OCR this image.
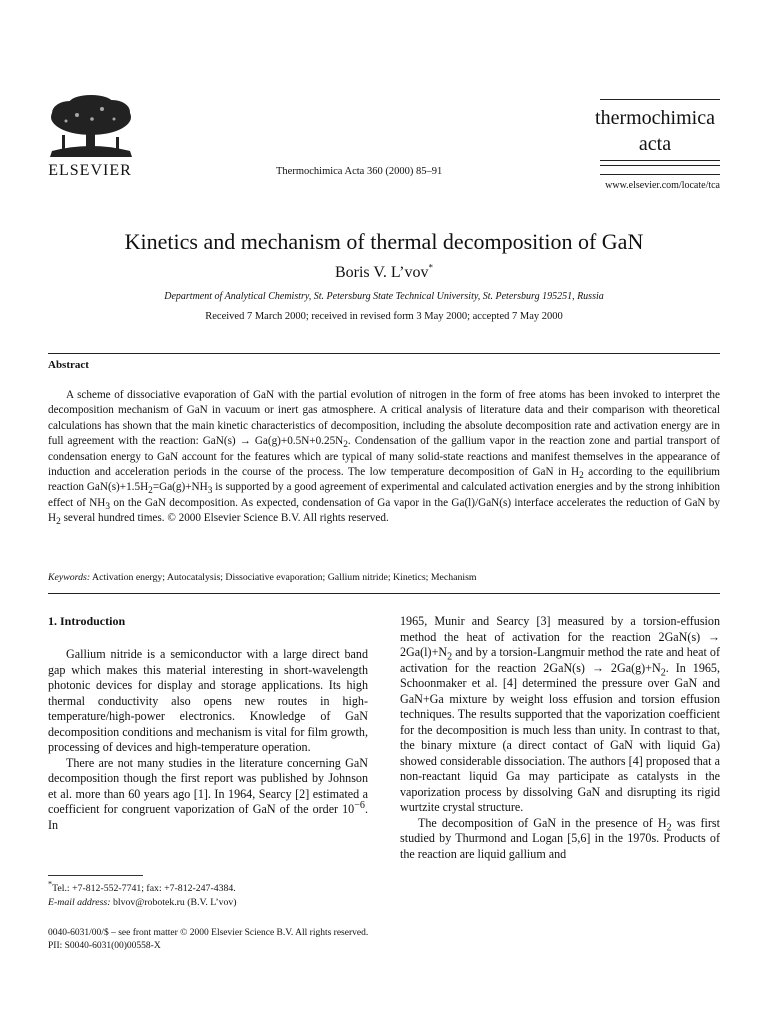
ELSEVIER	Thermochimica Acta 360 (2000) 85–91
thermochimica
acta
www.elsevier.com/locate/tca
Kinetics and mechanism of thermal decomposition of GaN
Boris V. L’vov*
Department of Analytical Chemistry, St. Petersburg State Technical University, St. Petersburg 195251, Russia
Received 7 March 2000; received in revised form 3 May 2000; accepted 7 May 2000
Abstract
A scheme of dissociative evaporation of GaN with the partial evolution of nitrogen in the form of free atoms has been invoked to interpret the decomposition mechanism of GaN in vacuum or inert gas atmosphere. A critical analysis of literature data and their comparison with theoretical calculations has shown that the main kinetic characteristics of decomposition, including the absolute decomposition rate and activation energy are in full agreement with the reaction: $GaN(s) \to Ga(g)+0.5N+0.25N_2$. Condensation of the gallium vapor in the reaction zone and partial transport of condensation energy to GaN account for the features which are typical of many solid-state reactions and manifest themselves in the appearance of induction and acceleration periods in the course of the process. The low temperature decomposition of GaN in $H_2$ according to the equilibrium reaction $GaN(s)+1.5H_2=Ga(g)+NH_3$ is supported by a good agreement of experimental and calculated activation energies and by the strong inhibition effect of $NH_3$ on the GaN decomposition. As expected, condensation of Ga vapor in the Ga(l)/GaN(s) interface accelerates the reduction of GaN by $H_2$ several hundred times. © 2000 Elsevier Science B.V. All rights reserved.
Keywords: Activation energy; Autocatalysis; Dissociative evaporation; Gallium nitride; Kinetics; Mechanism
1. Introduction

Gallium nitride is a semiconductor with a large direct band gap which makes this material interesting in short-wavelength photonic devices for display and storage applications. Its high thermal conductivity also opens new routes in high-temperature/high-power electronics. Knowledge of GaN decomposition conditions and mechanism is vital for film growth, processing of devices and high-temperature operation.

There are not many studies in the literature concerning GaN decomposition though the first report was published by Johnson et al. more than 60 years ago [1]. In 1964, Searcy [2] estimated a coefficient for congruent vaporization of GaN of the order $10^{-6}$. In

1965, Munir and Searcy [3] measured by a torsion-effusion method the heat of activation for the reaction $2GaN(s) \to 2Ga(l)+N_2$ and by a torsion-Langmuir method the rate and heat of activation for the reaction $2GaN(s) \to 2Ga(g)+N_2$. In 1965, Schoonmaker et al. [4] determined the pressure over GaN and GaN+Ga mixture by weight loss effusion and torsion effusion techniques. The results supported that the vaporization coefficient for the decomposition is much less than unity. In contrast to that, the binary mixture (a direct contact of GaN with liquid Ga) showed considerable dissociation. The authors [4] proposed that a non-reactant liquid Ga may participate as catalysts in the vaporization process by dissolving GaN and disrupting its rigid wurtzite crystal structure.

The decomposition of GaN in the presence of $H_2$ was first studied by Thurmond and Logan [5,6] in the 1970s. Products of the reaction are liquid gallium and

*Tel.: +7-812-552-7741; fax: +7-812-247-4384.
E-mail address: blvov@robotek.ru (B.V. L’vov)
0040-6031/00/$ – see front matter © 2000 Elsevier Science B.V. All rights reserved.
PII: S0040-6031(00)00558-X
